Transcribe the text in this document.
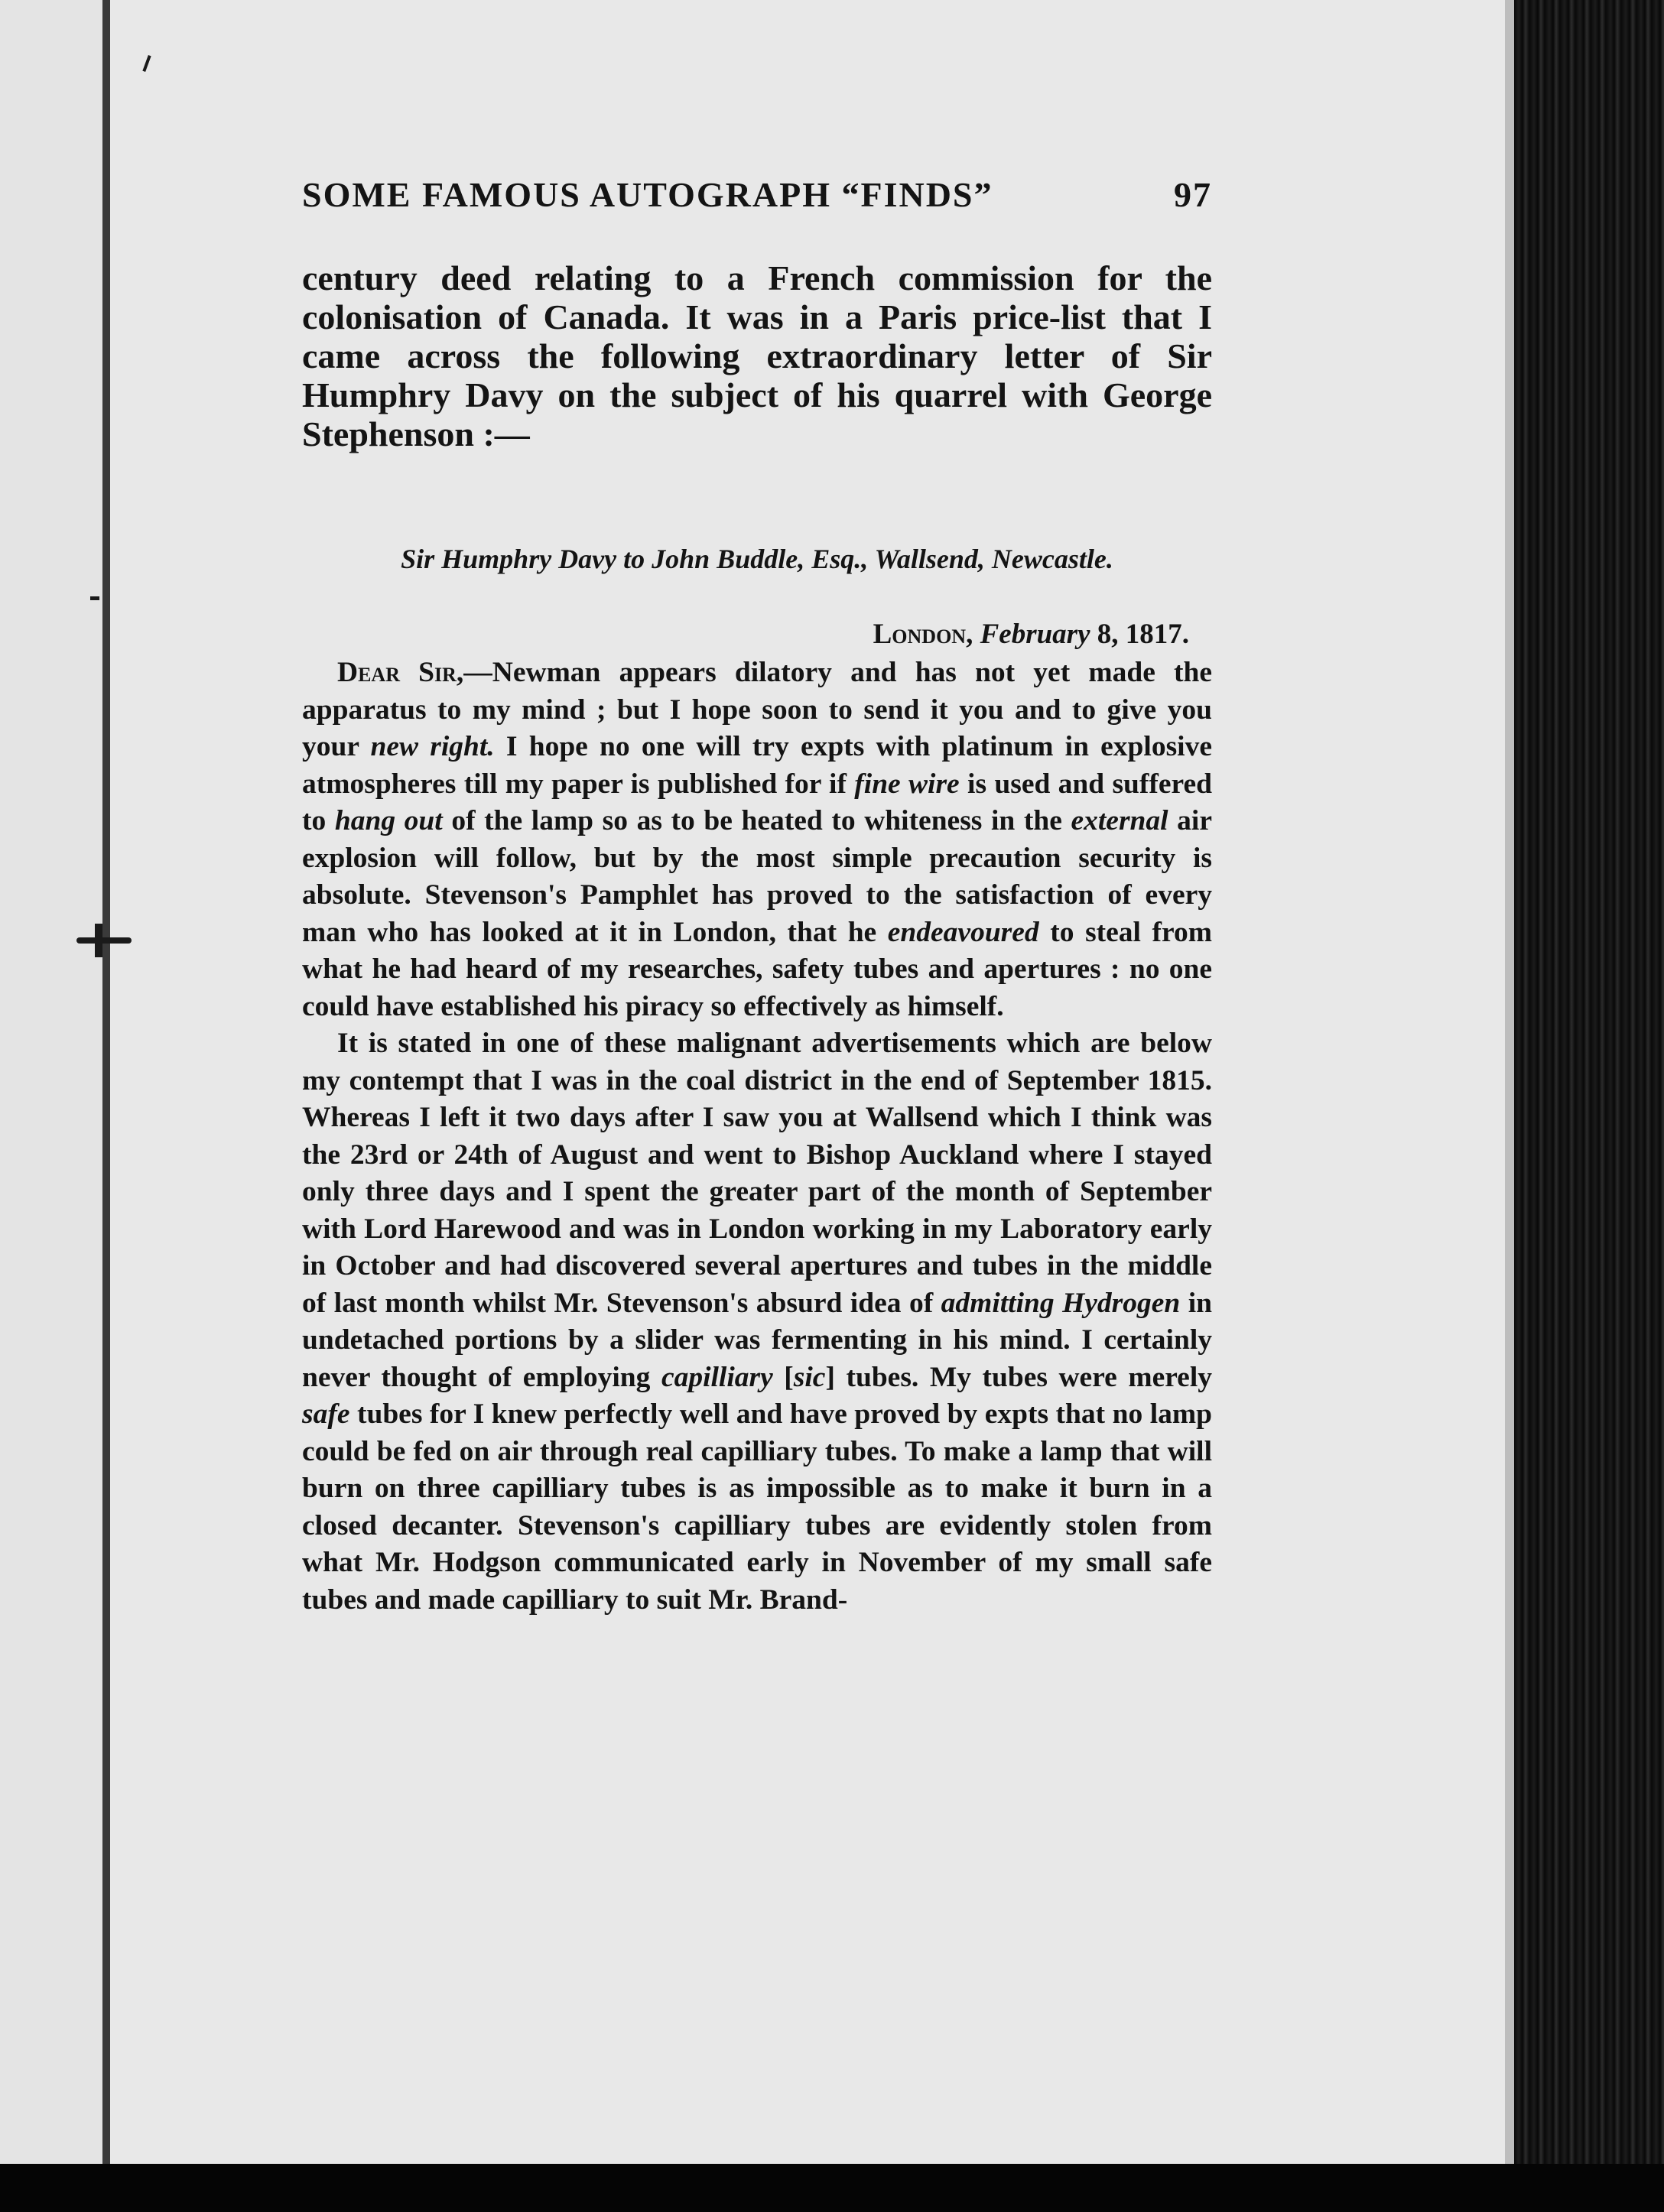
SOME FAMOUS AUTOGRAPH “FINDS”	97
century deed relating to a French commission for the colonisation of Canada. It was in a Paris price-list that I came across the following extraordinary letter of Sir Humphry Davy on the subject of his quarrel with George Stephenson :—
Sir Humphry Davy to John Buddle, Esq., Wallsend, Newcastle.
London, February 8, 1817.

Dear Sir,—Newman appears dilatory and has not yet made the apparatus to my mind ; but I hope soon to send it you and to give you your new right. I hope no one will try expts with platinum in explosive atmospheres till my paper is published for if fine wire is used and suffered to hang out of the lamp so as to be heated to whiteness in the external air explosion will follow, but by the most simple precaution security is absolute. Stevenson's Pamphlet has proved to the satisfaction of every man who has looked at it in London, that he endeavoured to steal from what he had heard of my researches, safety tubes and apertures : no one could have established his piracy so effectively as himself.

It is stated in one of these malignant advertisements which are below my contempt that I was in the coal district in the end of September 1815. Whereas I left it two days after I saw you at Wallsend which I think was the 23rd or 24th of August and went to Bishop Auckland where I stayed only three days and I spent the greater part of the month of September with Lord Harewood and was in London working in my Laboratory early in October and had discovered several apertures and tubes in the middle of last month whilst Mr. Stevenson's absurd idea of admitting Hydrogen in undetached portions by a slider was fermenting in his mind. I certainly never thought of employing capilliary [sic] tubes. My tubes were merely safe tubes for I knew perfectly well and have proved by expts that no lamp could be fed on air through real capilliary tubes. To make a lamp that will burn on three capilliary tubes is as impossible as to make it burn in a closed decanter. Stevenson's capilliary tubes are evidently stolen from what Mr. Hodgson communicated early in November of my small safe tubes and made capilliary to suit Mr. Brand-
